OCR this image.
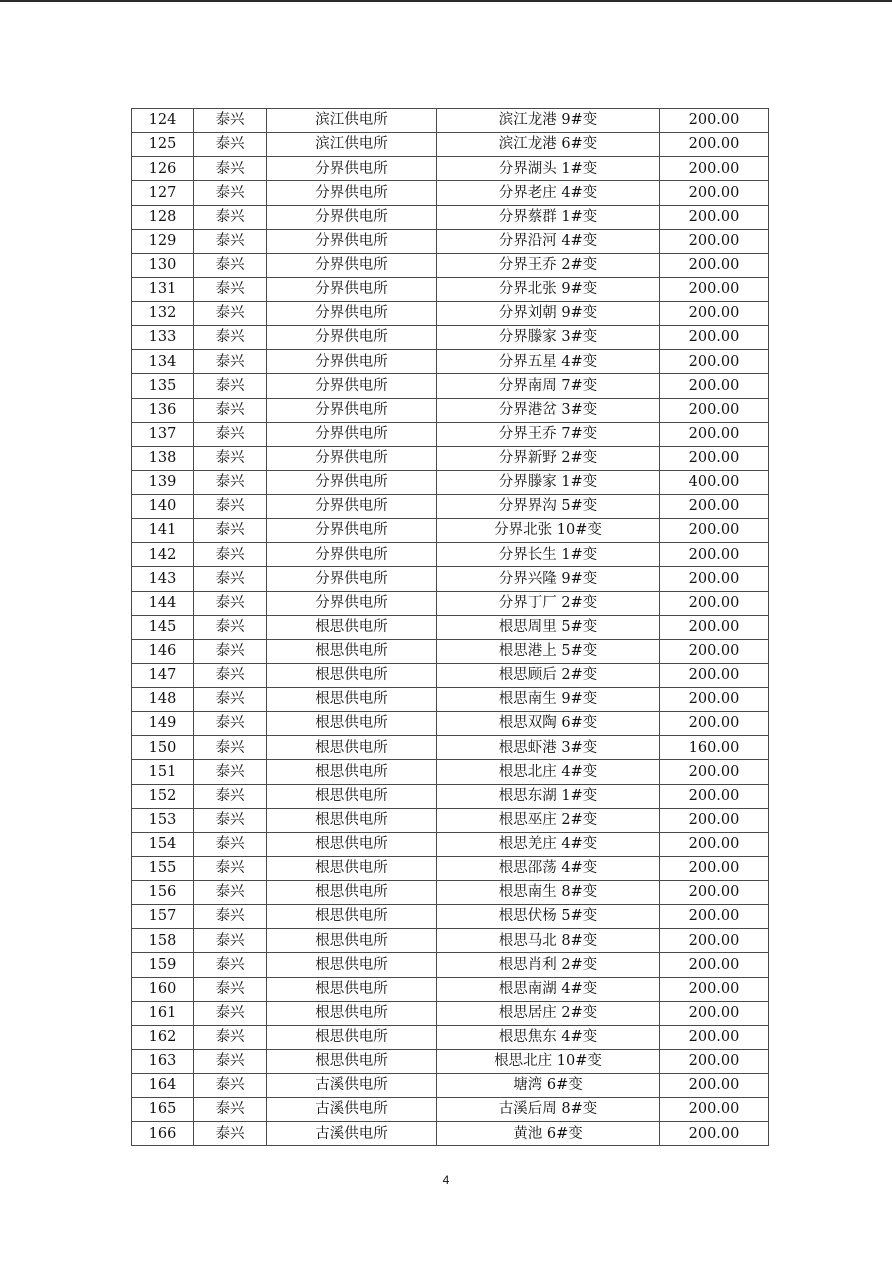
124	泰兴	滨江供电所	滨江龙港 9#变	200.00
125	泰兴	滨江供电所	滨江龙港 6#变	200.00
126	泰兴	分界供电所	分界湖头 1#变	200.00
127	泰兴	分界供电所	分界老庄 4#变	200.00
128	泰兴	分界供电所	分界蔡群 1#变	200.00
129	泰兴	分界供电所	分界沿河 4#变	200.00
130	泰兴	分界供电所	分界王乔 2#变	200.00
131	泰兴	分界供电所	分界北张 9#变	200.00
132	泰兴	分界供电所	分界刘朝 9#变	200.00
133	泰兴	分界供电所	分界滕家 3#变	200.00
134	泰兴	分界供电所	分界五星 4#变	200.00
135	泰兴	分界供电所	分界南周 7#变	200.00
136	泰兴	分界供电所	分界港岔 3#变	200.00
137	泰兴	分界供电所	分界王乔 7#变	200.00
138	泰兴	分界供电所	分界新野 2#变	200.00
139	泰兴	分界供电所	分界滕家 1#变	400.00
140	泰兴	分界供电所	分界界沟 5#变	200.00
141	泰兴	分界供电所	分界北张 10#变	200.00
142	泰兴	分界供电所	分界长生 1#变	200.00
143	泰兴	分界供电所	分界兴隆 9#变	200.00
144	泰兴	分界供电所	分界丁厂 2#变	200.00
145	泰兴	根思供电所	根思周里 5#变	200.00
146	泰兴	根思供电所	根思港上 5#变	200.00
147	泰兴	根思供电所	根思顾后 2#变	200.00
148	泰兴	根思供电所	根思南生 9#变	200.00
149	泰兴	根思供电所	根思双陶 6#变	200.00
150	泰兴	根思供电所	根思虾港 3#变	160.00
151	泰兴	根思供电所	根思北庄 4#变	200.00
152	泰兴	根思供电所	根思东湖 1#变	200.00
153	泰兴	根思供电所	根思巫庄 2#变	200.00
154	泰兴	根思供电所	根思羌庄 4#变	200.00
155	泰兴	根思供电所	根思邵荡 4#变	200.00
156	泰兴	根思供电所	根思南生 8#变	200.00
157	泰兴	根思供电所	根思伏杨 5#变	200.00
158	泰兴	根思供电所	根思马北 8#变	200.00
159	泰兴	根思供电所	根思肖利 2#变	200.00
160	泰兴	根思供电所	根思南湖 4#变	200.00
161	泰兴	根思供电所	根思居庄 2#变	200.00
162	泰兴	根思供电所	根思焦东 4#变	200.00
163	泰兴	根思供电所	根思北庄 10#变	200.00
164	泰兴	古溪供电所	塘湾 6#变	200.00
165	泰兴	古溪供电所	古溪后周 8#变	200.00
166	泰兴	古溪供电所	黄池 6#变	200.00
4
